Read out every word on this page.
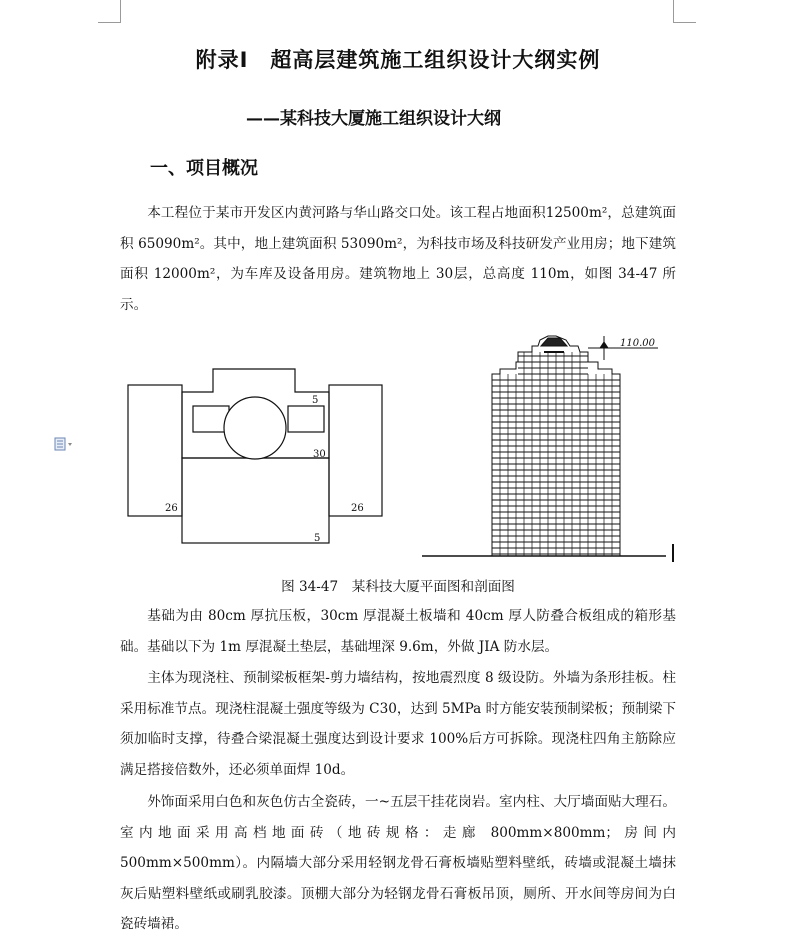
附录Ⅰ　超高层建筑施工组织设计大纲实例
——某科技大厦施工组织设计大纲
一、项目概况

本工程位于某市开发区内黄河路与华山路交口处。该工程占地面积12500m²，总建筑面积 65090m²。其中，地上建筑面积 53090m²，为科技市场及科技研发产业用房；地下建筑面积 12000m²，为车库及设备用房。建筑物地上 30层，总高度 110m，如图 34-47 所示。

5
30
26	26
5
110.00
图 34-47　某科技大厦平面图和剖面图

基础为由 80cm 厚抗压板，30cm 厚混凝土板墙和 40cm 厚人防叠合板组成的箱形基础。基础以下为 1m 厚混凝土垫层，基础埋深 9.6m，外做 JIA 防水层。

主体为现浇柱、预制梁板框架-剪力墙结构，按地震烈度 8 级设防。外墙为条形挂板。柱采用标准节点。现浇柱混凝土强度等级为 C30，达到 5MPa 时方能安装预制梁板；预制梁下须加临时支撑，待叠合梁混凝土强度达到设计要求 100%后方可拆除。现浇柱四角主筋除应满足搭接倍数外，还必须单面焊 10d。

外饰面采用白色和灰色仿古全瓷砖，一~五层干挂花岗岩。室内柱、大厅墙面贴大理石。室内地面采用高档地面砖（地砖规格：走廊 800mm×800mm；房间内 500mm×500mm）。内隔墙大部分采用轻钢龙骨石膏板墙贴塑料壁纸，砖墙或混凝土墙抹灰后贴塑料壁纸或刷乳胶漆。顶棚大部分为轻钢龙骨石膏板吊顶，厕所、开水间等房间为白瓷砖墙裙。
